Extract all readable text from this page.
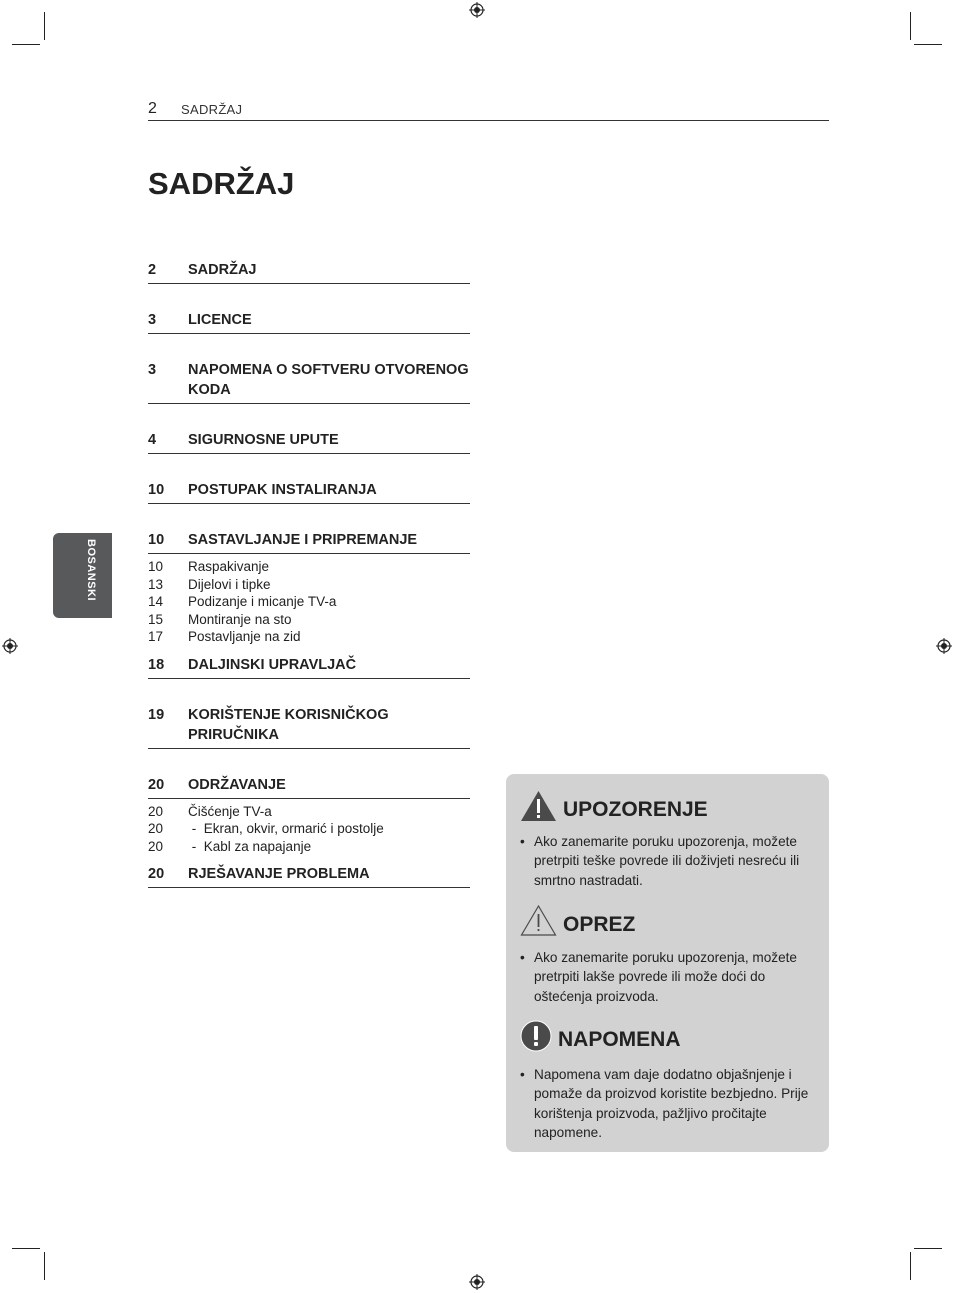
2 SADRŽAJ
SADRŽAJ
BOSANSKI
2	SADRŽAJ
3	LICENCE
3	NAPOMENA O SOFTVERU OTVORENOG KODA
4	SIGURNOSNE UPUTE
10	POSTUPAK INSTALIRANJA
10	SASTAVLJANJE I PRIPREMANJE
10	Raspakivanje
13	Dijelovi i tipke
14	Podizanje i micanje TV-a
15	Montiranje na sto
17	Postavljanje na zid
18	DALJINSKI UPRAVLJAČ
19	KORIŠTENJE KORISNIČKOG PRIRUČNIKA
20	ODRŽAVANJE
20	Čišćenje TV-a
20	-  Ekran, okvir, ormarić i postolje
20	-  Kabl za napajanje
20	RJEŠAVANJE PROBLEMA
UPOZORENJE
• Ako zanemarite poruku upozorenja, možete pretrpiti teške povrede ili doživjeti nesreću ili smrtno nastradati.
OPREZ
• Ako zanemarite poruku upozorenja, možete pretrpiti lakše povrede ili može doći do oštećenja proizvoda.
NAPOMENA
• Napomena vam daje dodatno objašnjenje i pomaže da proizvod koristite bezbjedno. Prije korištenja proizvoda, pažljivo pročitajte napomene.
